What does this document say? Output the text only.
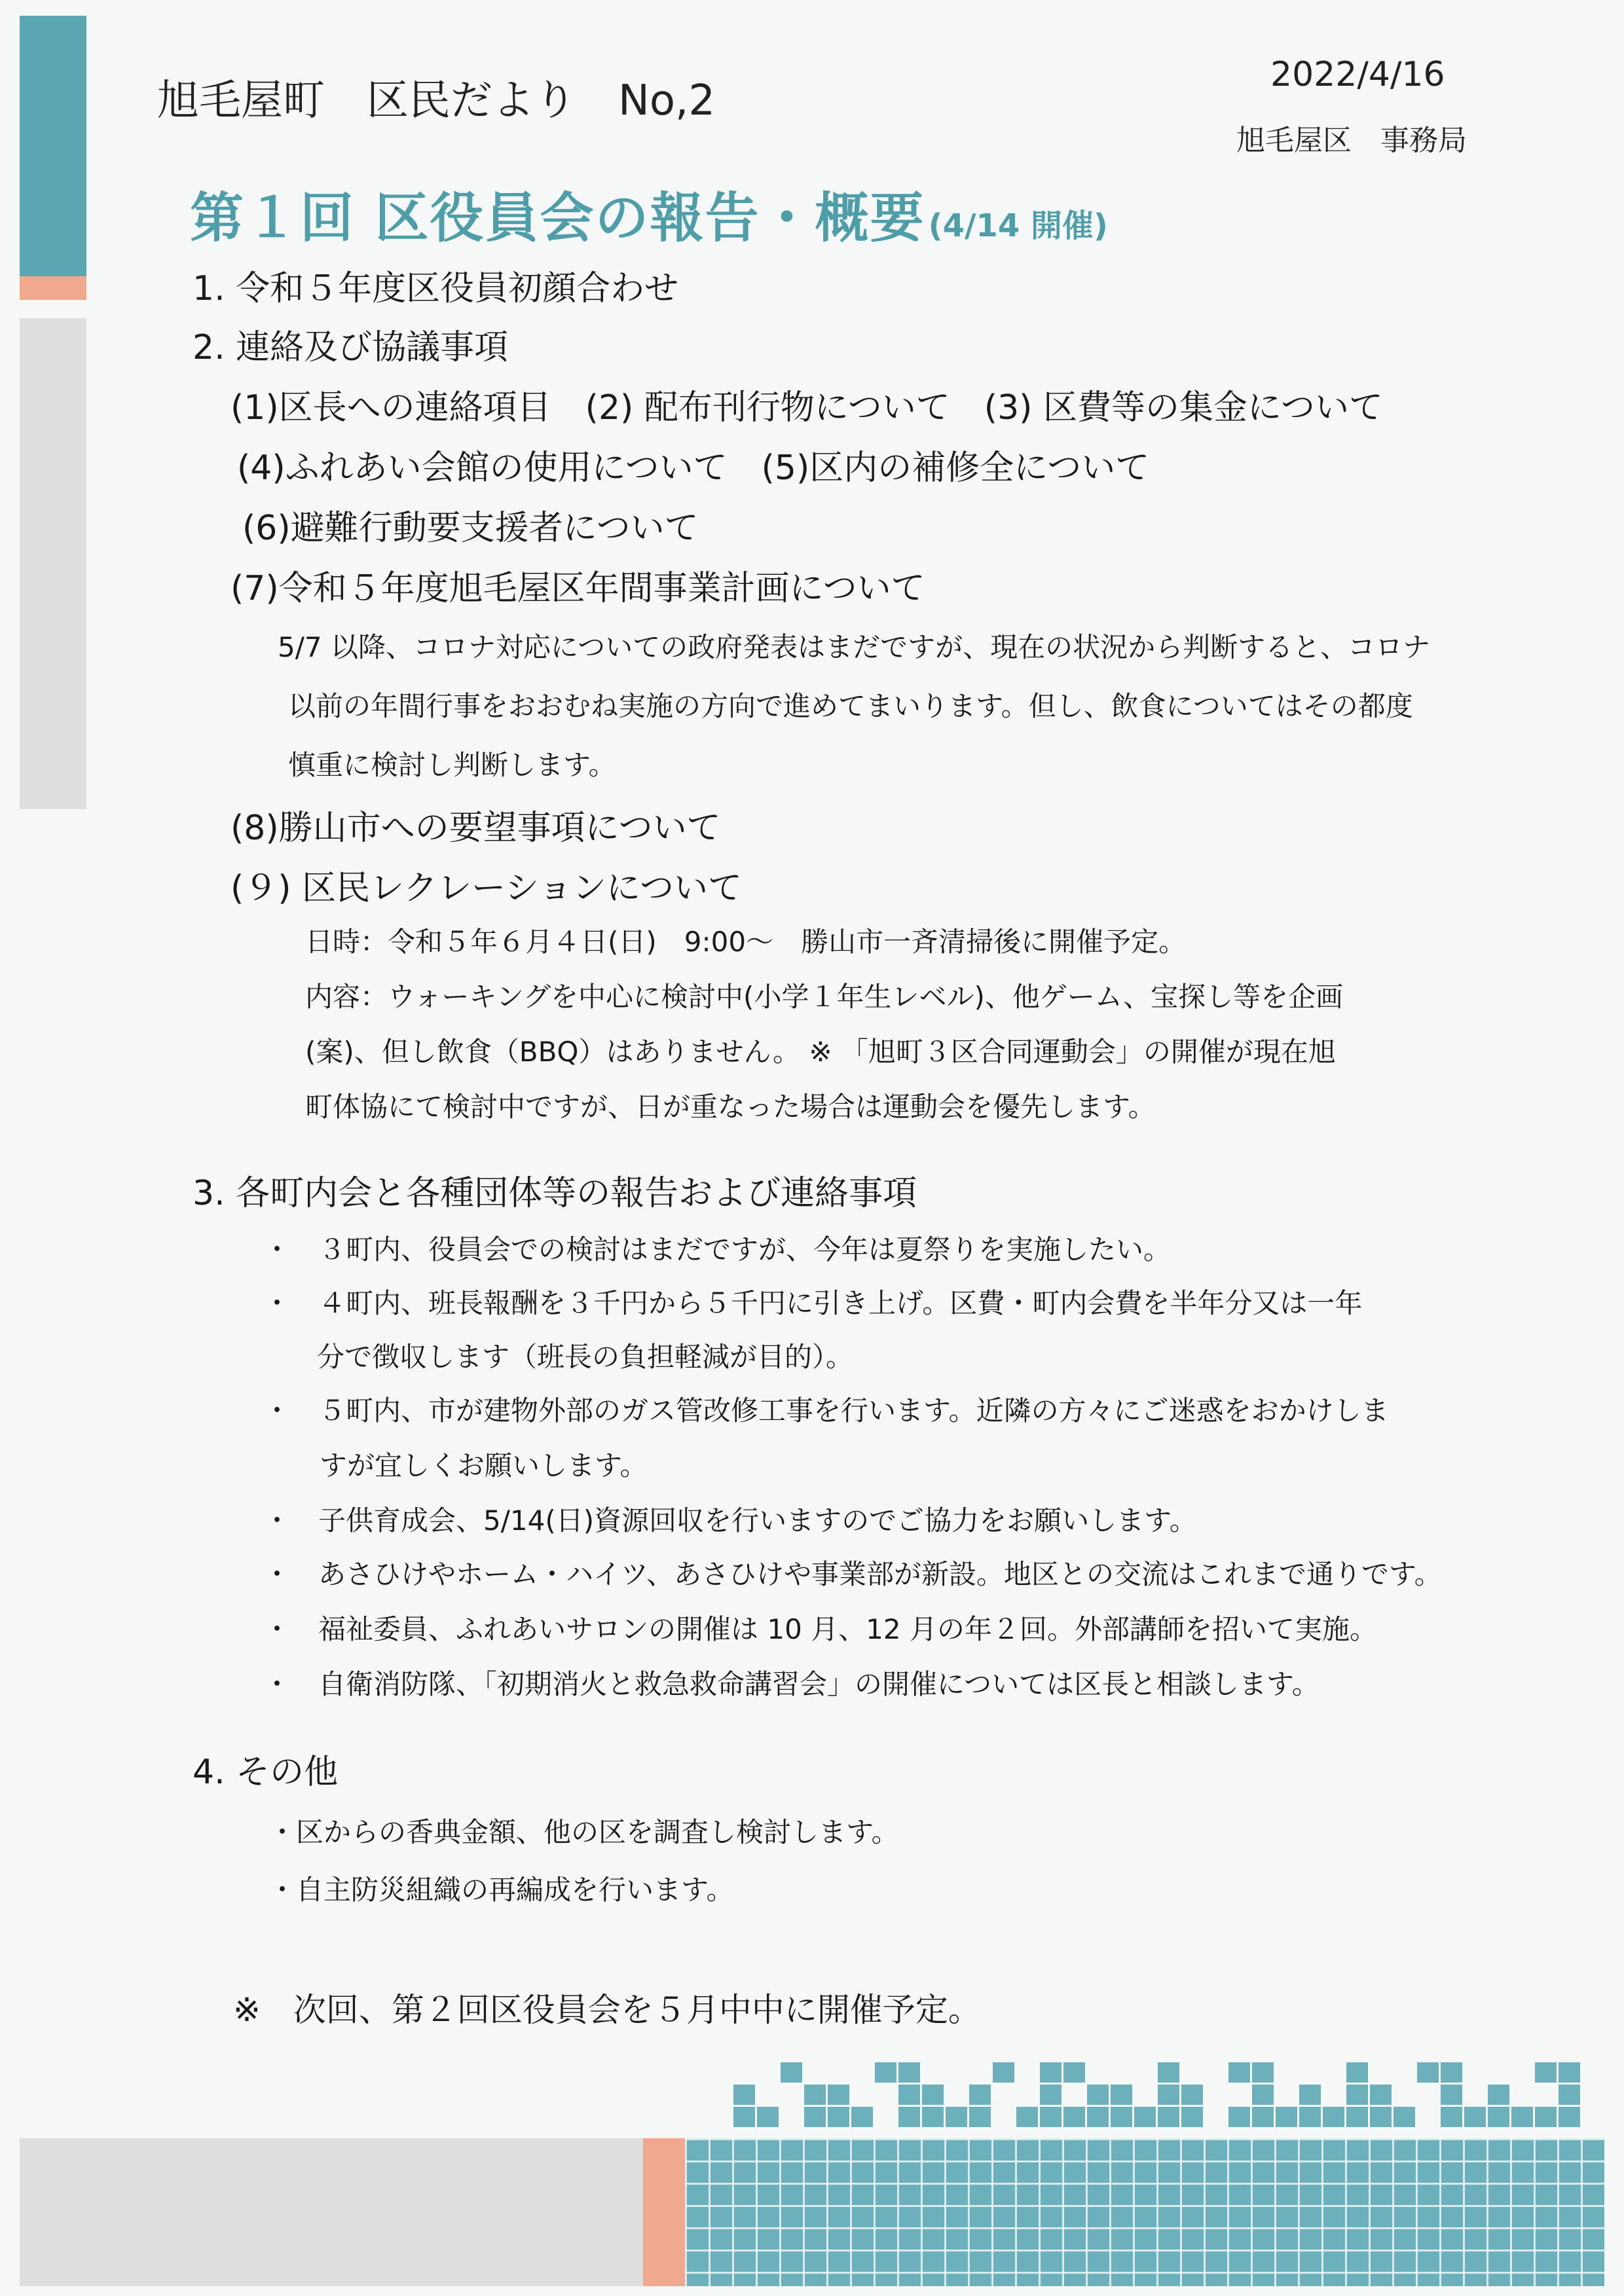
旭毛屋町　区民だより　No,2
2022/4/16
旭毛屋区　事務局
第１回 区役員会の報告・概要 (4/14 開催)
1. 令和５年度区役員初顔合わせ
2. 連絡及び協議事項
(1)区長への連絡項目　(2) 配布刊行物について　(3) 区費等の集金について
(4)ふれあい会館の使用について　(5)区内の補修全について
(6)避難行動要支援者について
(7)令和５年度旭毛屋区年間事業計画について
5/7 以降、コロナ対応についての政府発表はまだですが、現在の状況から判断すると、コロナ
以前の年間行事をおおむね実施の方向で進めてまいります。但し、飲食についてはその都度
慎重に検討し判断します。
(8)勝山市への要望事項について
(９) 区民レクレーションについて
日時：令和５年６月４日(日)　9:00～　勝山市一斉清掃後に開催予定。
内容：ウォーキングを中心に検討中(小学１年生レベル)、他ゲーム、宝探し等を企画
(案)、但し飲食（BBQ）はありません。 ※ 「旭町３区合同運動会」の開催が現在旭
町体協にて検討中ですが、日が重なった場合は運動会を優先します。
3. 各町内会と各種団体等の報告および連絡事項
・　３町内、役員会での検討はまだですが、今年は夏祭りを実施したい。
・　４町内、班長報酬を３千円から５千円に引き上げ。区費・町内会費を半年分又は一年
分で徴収します（班長の負担軽減が目的）。
・　５町内、市が建物外部のガス管改修工事を行います。近隣の方々にご迷惑をおかけしま
すが宜しくお願いします。
・　子供育成会、5/14(日)資源回収を行いますのでご協力をお願いします。
・　あさひけやホーム・ハイツ、あさひけや事業部が新設。地区との交流はこれまで通りです。
・　福祉委員、ふれあいサロンの開催は 10 月、12 月の年２回。外部講師を招いて実施。
・　自衛消防隊、「初期消火と救急救命講習会」の開催については区長と相談します。
4. その他
・区からの香典金額、他の区を調査し検討します。
・自主防災組織の再編成を行います。
※　次回、第２回区役員会を５月中中に開催予定。
